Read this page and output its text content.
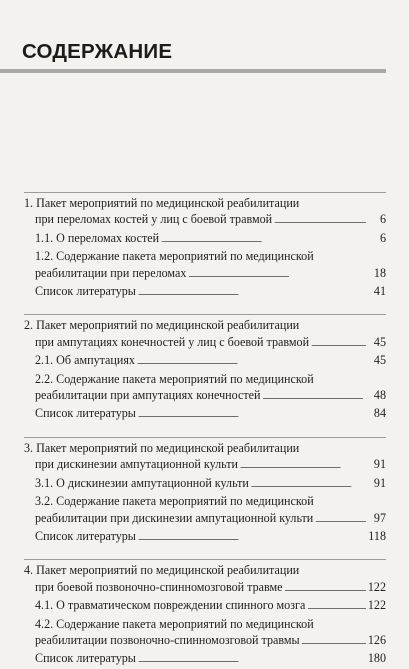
СОДЕРЖАНИЕ
1. Пакет мероприятий по медицинской реабилитации
при переломах костей у лиц с боевой травмой . . .	6
1.1. О переломах костей . . .	6
1.2. Содержание пакета мероприятий по медицинской
реабилитации при переломах . . .	18
Список литературы . . .	41
2. Пакет мероприятий по медицинской реабилитации
при ампутациях конечностей у лиц с боевой травмой . . .	45
2.1. Об ампутациях . . .	45
2.2. Содержание пакета мероприятий по медицинской
реабилитации при ампутациях конечностей . . .	48
Список литературы . . .	84
3. Пакет мероприятий по медицинской реабилитации
при дискинезии ампутационной культи . . .	91
3.1. О дискинезии ампутационной культи . . .	91
3.2. Содержание пакета мероприятий по медицинской
реабилитации при дискинезии ампутационной культи . . .	97
Список литературы . . .	118
4. Пакет мероприятий по медицинской реабилитации
при боевой позвоночно-спинномозговой травме . . .	122
4.1. О травматическом повреждении спинного мозга . . .	122
4.2. Содержание пакета мероприятий по медицинской
реабилитации позвоночно-спинномозговой травмы . . .	126
Список литературы . . .	180
